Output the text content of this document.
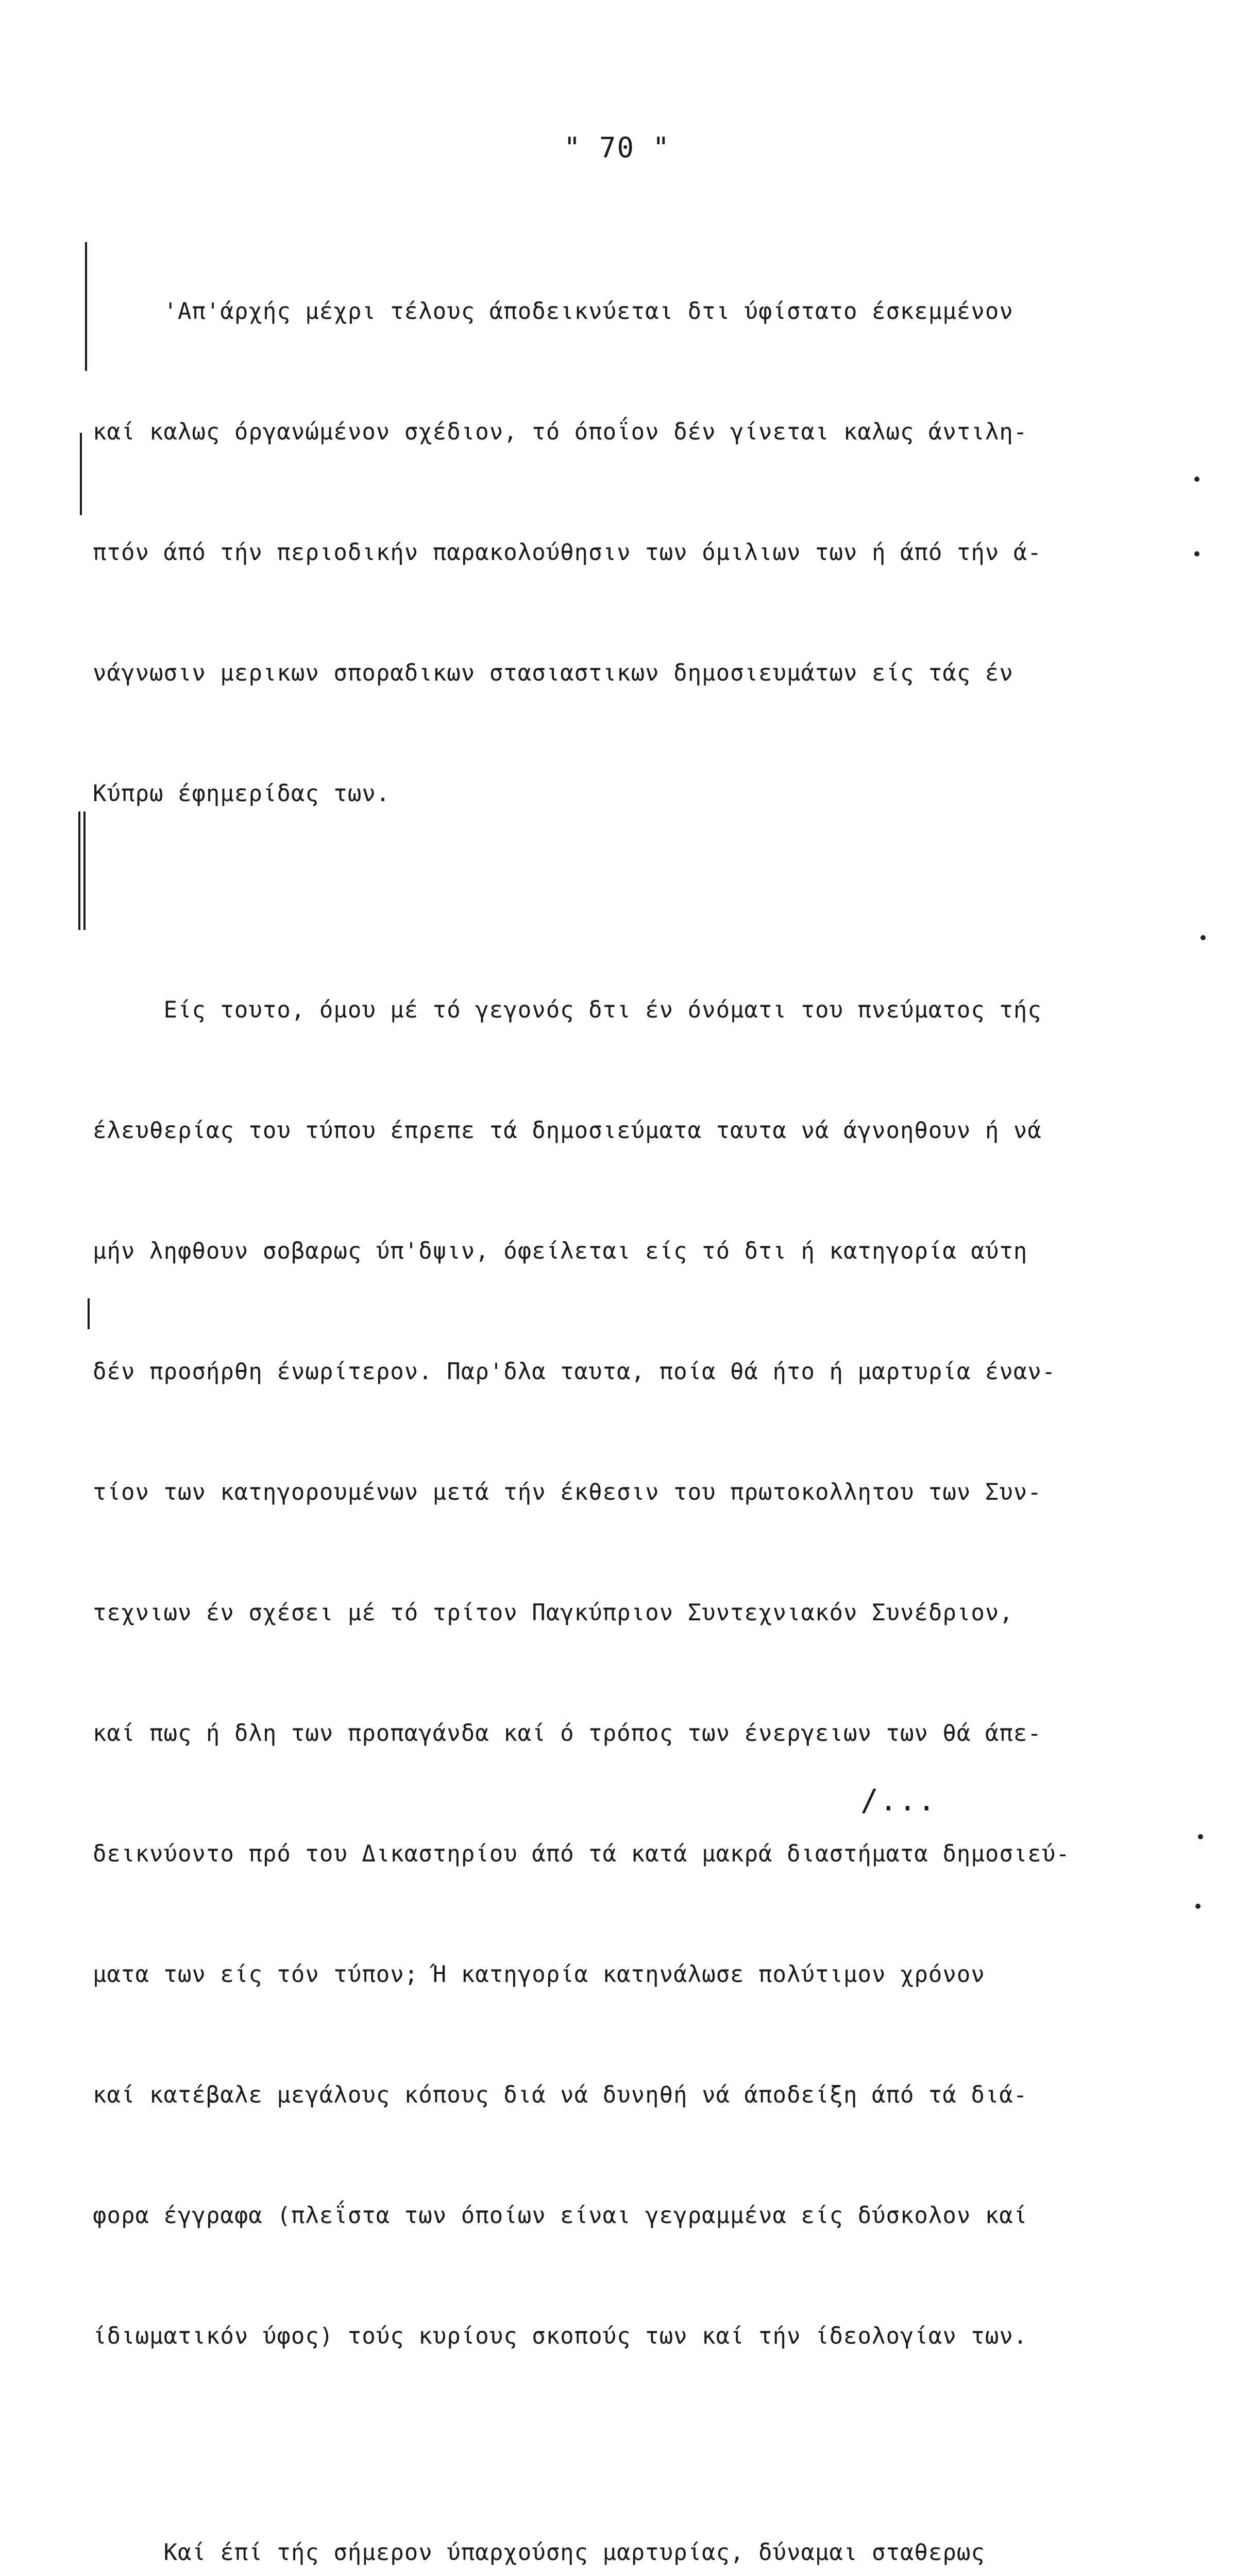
" 70 "

'Απ'άρχής μέχρι τέλους άποδεικνύεται δτι ύφίστατο έσκεμμένον

καί καλως όργανώμένον σχέδιον, τό όποΐον δέν γίνεται καλως άντιλη-

πτόν άπό τήν περιοδικήν παρακολούθησιν των όμιλιων των ή άπό τήν ά-

νάγνωσιν μερικων σποραδικων στασιαστικων δημοσιευμάτων είς τάς έν

Κύπρω έφημερίδας των.

Είς τουτο, όμου μέ τό γεγονός δτι έν όνόματι του πνεύματος τής

έλευθερίας του τύπου έπρεπε τά δημοσιεύματα ταυτα νά άγνοηθουν ή νά

μήν ληφθουν σοβαρως ύπ'δψιν, όφείλεται είς τό δτι ή κατηγορία αύτη

δέν προσήρθη ένωρίτερον. Παρ'δλα ταυτα, ποία θά ήτο ή μαρτυρία έναν-

τίον των κατηγορουμένων μετά τήν έκθεσιν του πρωτοκολλητου των Συν-

τεχνιων έν σχέσει μέ τό τρίτον Παγκύπριον Συντεχνιακόν Συνέδριον,

καί πως ή δλη των προπαγάνδα καί ό τρόπος των ένεργειων των θά άπε-

δεικνύοντο πρό του Δικαστηρίου άπό τά κατά μακρά διαστήματα δημοσιεύ-

ματα των είς τόν τύπον; Ή κατηγορία κατηνάλωσε πολύτιμον χρόνον

καί κατέβαλε μεγάλους κόπους διά νά δυνηθή νά άποδείξη άπό τά διά-

φορα έγγραφα (πλεΐστα των όποίων είναι γεγραμμένα είς δύσκολον καί

ίδιωματικόν ύφος) τούς κυρίους σκοπούς των καί τήν ίδεολογίαν των.

Καί έπί τής σήμερον ύπαρχούσης μαρτυρίας, δύναμαι σταθερως

/...
